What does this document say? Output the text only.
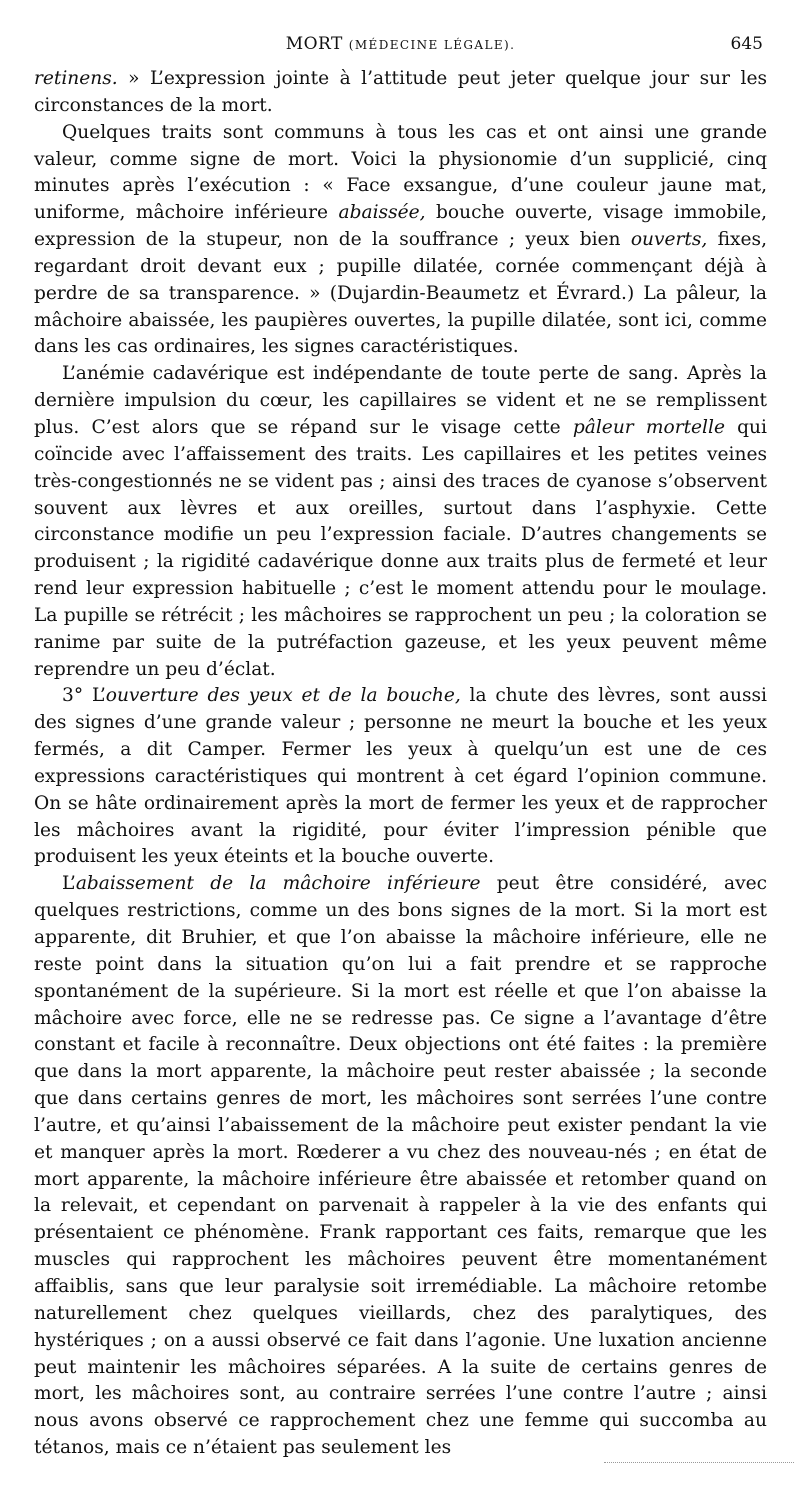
MORT (MÉDECINE LÉGALE).	645

retinens. » L’expression jointe à l’attitude peut jeter quelque jour sur les circonstances de la mort.

Quelques traits sont communs à tous les cas et ont ainsi une grande valeur, comme signe de mort. Voici la physionomie d’un supplicié, cinq minutes après l’exécution : « Face exsangue, d’une couleur jaune mat, uniforme, mâchoire inférieure abaissée, bouche ouverte, visage immobile, expression de la stupeur, non de la souffrance ; yeux bien ouverts, fixes, regardant droit devant eux ; pupille dilatée, cornée commençant déjà à perdre de sa transparence. » (Dujardin-Beaumetz et Évrard.) La pâleur, la mâchoire abaissée, les paupières ouvertes, la pupille dilatée, sont ici, comme dans les cas ordinaires, les signes caractéristiques.

L’anémie cadavérique est indépendante de toute perte de sang. Après la dernière impulsion du cœur, les capillaires se vident et ne se remplissent plus. C’est alors que se répand sur le visage cette pâleur mortelle qui coïncide avec l’affaissement des traits. Les capillaires et les petites veines très-congestionnés ne se vident pas ; ainsi des traces de cyanose s’observent souvent aux lèvres et aux oreilles, surtout dans l’asphyxie. Cette circonstance modifie un peu l’expression faciale. D’autres changements se produisent ; la rigidité cadavérique donne aux traits plus de fermeté et leur rend leur expression habituelle ; c’est le moment attendu pour le moulage. La pupille se rétrécit ; les mâchoires se rapprochent un peu ; la coloration se ranime par suite de la putréfaction gazeuse, et les yeux peuvent même reprendre un peu d’éclat.

3° L’ouverture des yeux et de la bouche, la chute des lèvres, sont aussi des signes d’une grande valeur ; personne ne meurt la bouche et les yeux fermés, a dit Camper. Fermer les yeux à quelqu’un est une de ces expressions caractéristiques qui montrent à cet égard l’opinion commune. On se hâte ordinairement après la mort de fermer les yeux et de rapprocher les mâchoires avant la rigidité, pour éviter l’impression pénible que produisent les yeux éteints et la bouche ouverte.

L’abaissement de la mâchoire inférieure peut être considéré, avec quelques restrictions, comme un des bons signes de la mort. Si la mort est apparente, dit Bruhier, et que l’on abaisse la mâchoire inférieure, elle ne reste point dans la situation qu’on lui a fait prendre et se rapproche spontanément de la supérieure. Si la mort est réelle et que l’on abaisse la mâchoire avec force, elle ne se redresse pas. Ce signe a l’avantage d’être constant et facile à reconnaître. Deux objections ont été faites : la première que dans la mort apparente, la mâchoire peut rester abaissée ; la seconde que dans certains genres de mort, les mâchoires sont serrées l’une contre l’autre, et qu’ainsi l’abaissement de la mâchoire peut exister pendant la vie et manquer après la mort. Rœderer a vu chez des nouveau-nés ; en état de mort apparente, la mâchoire inférieure être abaissée et retomber quand on la relevait, et cependant on parvenait à rappeler à la vie des enfants qui présentaient ce phénomène. Frank rapportant ces faits, remarque que les muscles qui rapprochent les mâchoires peuvent être momentanément affaiblis, sans que leur paralysie soit irremédiable. La mâchoire retombe naturellement chez quelques vieillards, chez des paralytiques, des hystériques ; on a aussi observé ce fait dans l’agonie. Une luxation ancienne peut maintenir les mâchoires séparées. A la suite de certains genres de mort, les mâchoires sont, au contraire serrées l’une contre l’autre ; ainsi nous avons observé ce rapprochement chez une femme qui succomba au tétanos, mais ce n’étaient pas seulement les
